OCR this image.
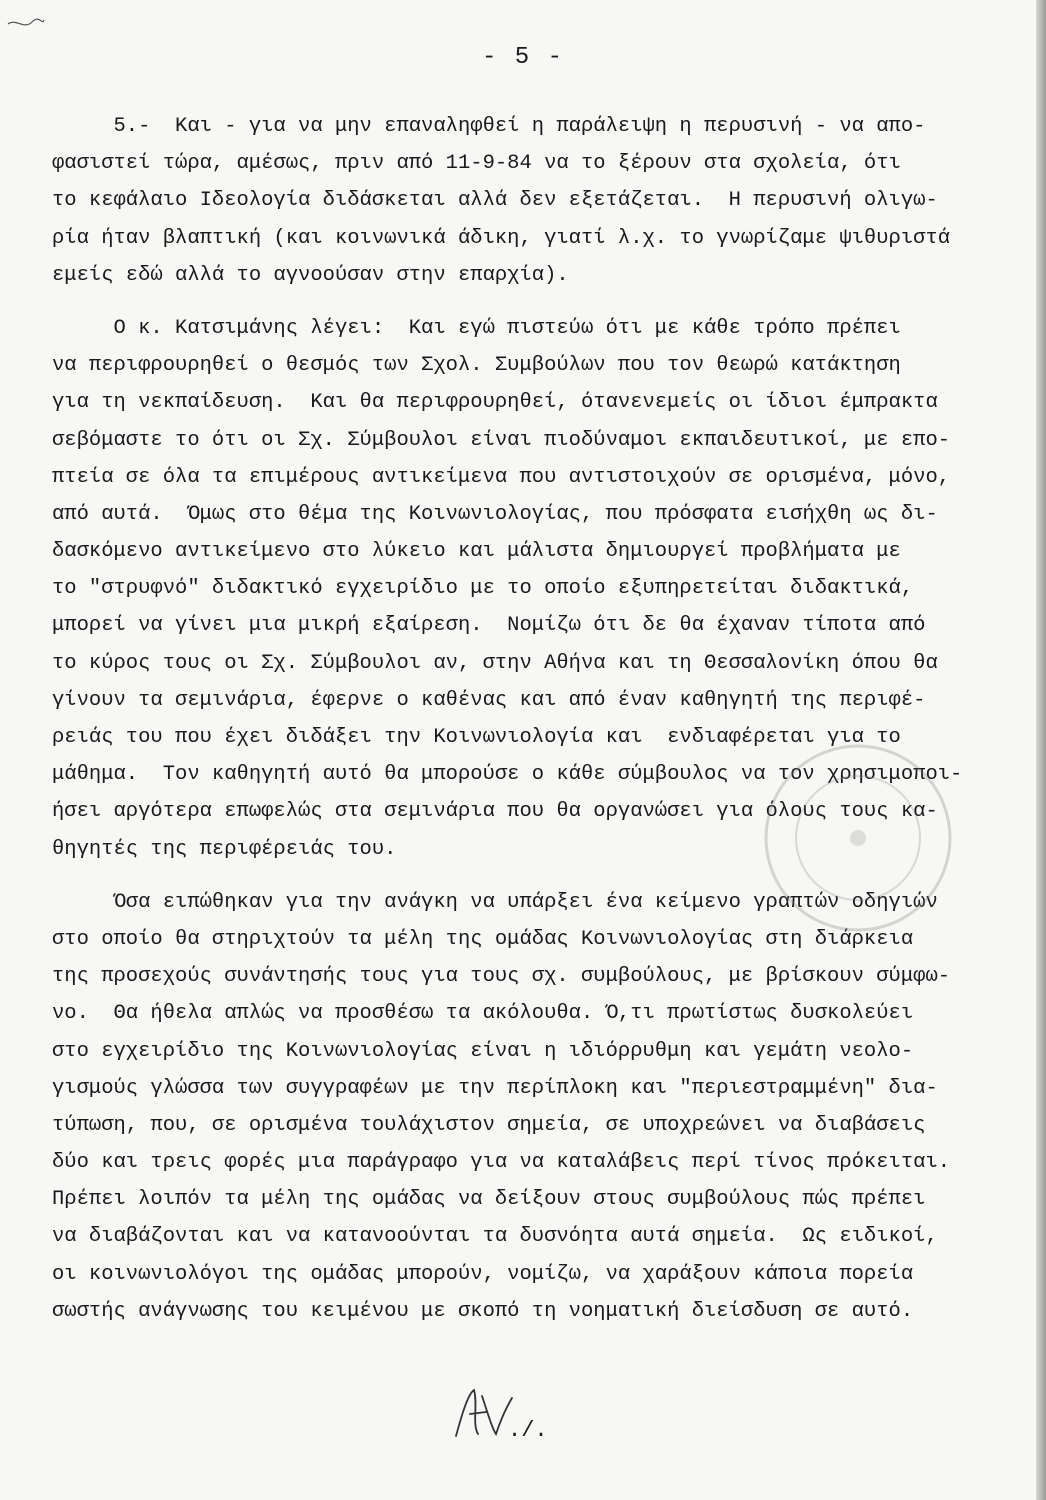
- 5 -
5.-  Και - για να μην επαναληφθεί η παράλειψη η περυσινή - να απο-
φασιστεί τώρα, αμέσως, πριν από 11-9-84 να το ξέρουν στα σχολεία, ότι
το κεφάλαιο Ιδεολογία διδάσκεται αλλά δεν εξετάζεται.  Η περυσινή ολιγω-
ρία ήταν βλαπτική (και κοινωνικά άδικη, γιατί λ.χ. το γνωρίζαμε ψιθυριστά
εμείς εδώ αλλά το αγνοούσαν στην επαρχία).
Ο κ. Κατσιμάνης λέγει:  Και εγώ πιστεύω ότι με κάθε τρόπο πρέπει
να περιφρουρηθεί ο θεσμός των Σχολ. Συμβούλων που τον θεωρώ κατάκτηση
για τη νεκπαίδευση.  Και θα περιφρουρηθεί, ότανενεμείς οι ίδιοι έμπρακτα
σεβόμαστε το ότι οι Σχ. Σύμβουλοι είναι πιοδύναμοι εκπαιδευτικοί, με επο-
πτεία σε όλα τα επιμέρους αντικείμενα που αντιστοιχούν σε ορισμένα, μόνο,
από αυτά.  Όμως στο θέμα της Κοινωνιολογίας, που πρόσφατα εισήχθη ως δι-
δασκόμενο αντικείμενο στο λύκειο και μάλιστα δημιουργεί προβλήματα με
το "στρυφνό" διδακτικό εγχειρίδιο με το οποίο εξυπηρετείται διδακτικά,
μπορεί να γίνει μια μικρή εξαίρεση.  Νομίζω ότι δε θα έχαναν τίποτα από
το κύρος τους οι Σχ. Σύμβουλοι αν, στην Αθήνα και τη Θεσσαλονίκη όπου θα
γίνουν τα σεμινάρια, έφερνε ο καθένας και από έναν καθηγητή της περιφέ-
ρειάς του που έχει διδάξει την Κοινωνιολογία και  ενδιαφέρεται για το
μάθημα.  Τον καθηγητή αυτό θα μπορούσε ο κάθε σύμβουλος να τον χρησιμοποι-
ήσει αργότερα επωφελώς στα σεμινάρια που θα οργανώσει για όλους τους κα-
θηγητές της περιφέρειάς του.
Όσα ειπώθηκαν για την ανάγκη να υπάρξει ένα κείμενο γραπτών οδηγιών
στο οποίο θα στηριχτούν τα μέλη της ομάδας Κοινωνιολογίας στη διάρκεια
της προσεχούς συνάντησής τους για τους σχ. συμβούλους, με βρίσκουν σύμφω-
νο.  Θα ήθελα απλώς να προσθέσω τα ακόλουθα. Ό,τι πρωτίστως δυσκολεύει
στο εγχειρίδιο της Κοινωνιολογίας είναι η ιδιόρρυθμη και γεμάτη νεολο-
γισμούς γλώσσα των συγγραφέων με την περίπλοκη και "περιεστραμμένη" δια-
τύπωση, που, σε ορισμένα τουλάχιστον σημεία, σε υποχρεώνει να διαβάσεις
δύο και τρεις φορές μια παράγραφο για να καταλάβεις περί τίνος πρόκειται.
Πρέπει λοιπόν τα μέλη της ομάδας να δείξουν στους συμβούλους πώς πρέπει
να διαβάζονται και να κατανοούνται τα δυσνόητα αυτά σημεία.  Ως ειδικοί,
οι κοινωνιολόγοι της ομάδας μπορούν, νομίζω, να χαράξουν κάποια πορεία
σωστής ανάγνωσης του κειμένου με σκοπό τη νοηματική διείσδυση σε αυτό.
./.
